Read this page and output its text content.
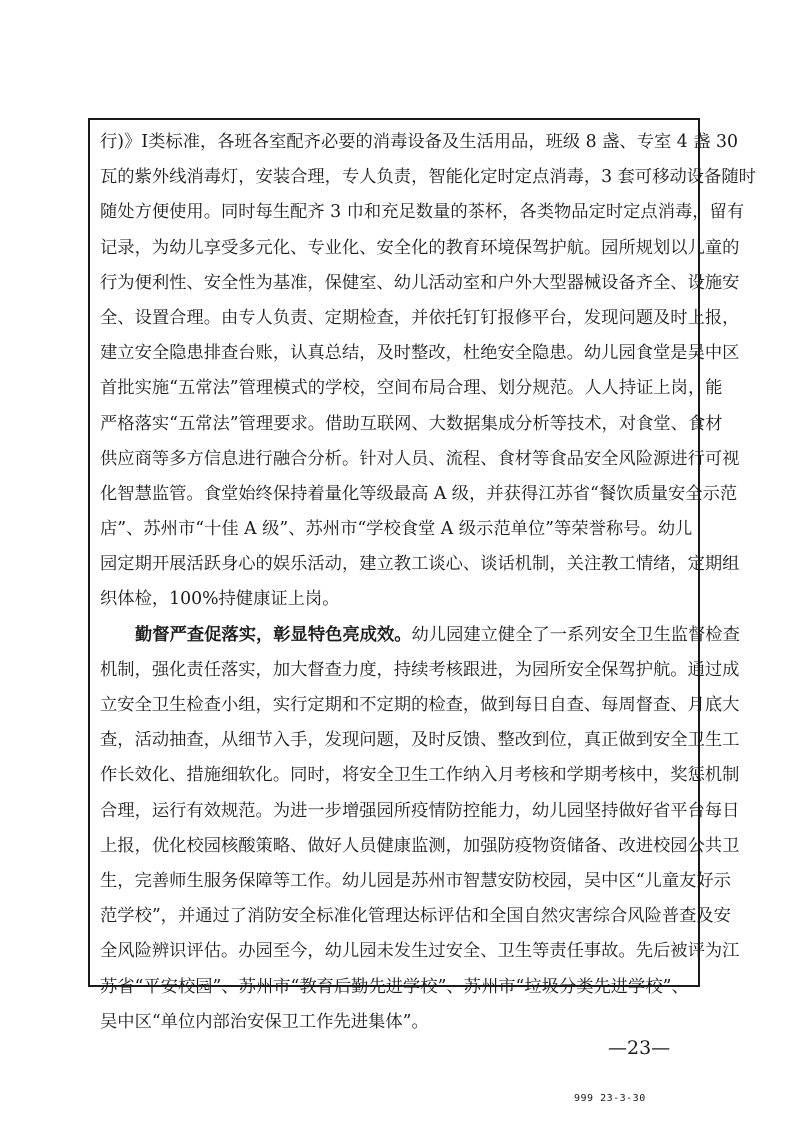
行)》Ⅰ类标准，各班各室配齐必要的消毒设备及生活用品，班级 8 盏、专室 4 盏 30
瓦的紫外线消毒灯，安装合理，专人负责，智能化定时定点消毒，3 套可移动设备随时
随处方便使用。同时每生配齐 3 巾和充足数量的茶杯，各类物品定时定点消毒，留有
记录，为幼儿享受多元化、专业化、安全化的教育环境保驾护航。园所规划以儿童的
行为便利性、安全性为基准，保健室、幼儿活动室和户外大型器械设备齐全、设施安
全、设置合理。由专人负责、定期检查，并依托钉钉报修平台，发现问题及时上报，
建立安全隐患排查台账，认真总结，及时整改，杜绝安全隐患。幼儿园食堂是吴中区
首批实施“五常法”管理模式的学校，空间布局合理、划分规范。人人持证上岗，能
严格落实“五常法”管理要求。借助互联网、大数据集成分析等技术，对食堂、食材
供应商等多方信息进行融合分析。针对人员、流程、食材等食品安全风险源进行可视
化智慧监管。食堂始终保持着量化等级最高 A 级，并获得江苏省“餐饮质量安全示范
店”、苏州市“十佳 A 级”、苏州市“学校食堂 A 级示范单位”等荣誉称号。幼儿
园定期开展活跃身心的娱乐活动，建立教工谈心、谈话机制，关注教工情绪，定期组
织体检，100%持健康证上岗。
勤督严查促落实，彰显特色亮成效。幼儿园建立健全了一系列安全卫生监督检查
机制，强化责任落实，加大督查力度，持续考核跟进，为园所安全保驾护航。通过成
立安全卫生检查小组，实行定期和不定期的检查，做到每日自查、每周督查、月底大
查，活动抽查，从细节入手，发现问题，及时反馈、整改到位，真正做到安全卫生工
作长效化、措施细软化。同时，将安全卫生工作纳入月考核和学期考核中，奖惩机制
合理，运行有效规范。为进一步增强园所疫情防控能力，幼儿园坚持做好省平台每日
上报，优化校园核酸策略、做好人员健康监测，加强防疫物资储备、改进校园公共卫
生，完善师生服务保障等工作。幼儿园是苏州市智慧安防校园，吴中区“儿童友好示
范学校”，并通过了消防安全标准化管理达标评估和全国自然灾害综合风险普查及安
全风险辨识评估。办园至今，幼儿园未发生过安全、卫生等责任事故。先后被评为江
苏省“平安校园”、苏州市“教育后勤先进学校”、苏州市“垃圾分类先进学校”、
吴中区“单位内部治安保卫工作先进集体”。
—23—
999 23-3-30
